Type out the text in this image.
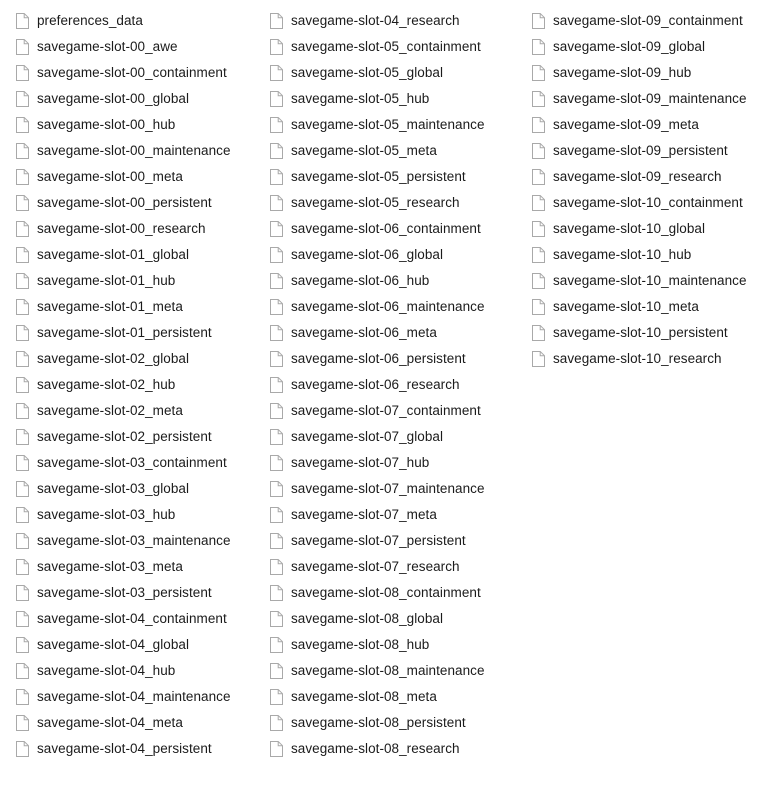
preferences_data
savegame-slot-00_awe
savegame-slot-00_containment
savegame-slot-00_global
savegame-slot-00_hub
savegame-slot-00_maintenance
savegame-slot-00_meta
savegame-slot-00_persistent
savegame-slot-00_research
savegame-slot-01_global
savegame-slot-01_hub
savegame-slot-01_meta
savegame-slot-01_persistent
savegame-slot-02_global
savegame-slot-02_hub
savegame-slot-02_meta
savegame-slot-02_persistent
savegame-slot-03_containment
savegame-slot-03_global
savegame-slot-03_hub
savegame-slot-03_maintenance
savegame-slot-03_meta
savegame-slot-03_persistent
savegame-slot-04_containment
savegame-slot-04_global
savegame-slot-04_hub
savegame-slot-04_maintenance
savegame-slot-04_meta
savegame-slot-04_persistent
savegame-slot-04_research
savegame-slot-05_containment
savegame-slot-05_global
savegame-slot-05_hub
savegame-slot-05_maintenance
savegame-slot-05_meta
savegame-slot-05_persistent
savegame-slot-05_research
savegame-slot-06_containment
savegame-slot-06_global
savegame-slot-06_hub
savegame-slot-06_maintenance
savegame-slot-06_meta
savegame-slot-06_persistent
savegame-slot-06_research
savegame-slot-07_containment
savegame-slot-07_global
savegame-slot-07_hub
savegame-slot-07_maintenance
savegame-slot-07_meta
savegame-slot-07_persistent
savegame-slot-07_research
savegame-slot-08_containment
savegame-slot-08_global
savegame-slot-08_hub
savegame-slot-08_maintenance
savegame-slot-08_meta
savegame-slot-08_persistent
savegame-slot-08_research
savegame-slot-09_containment
savegame-slot-09_global
savegame-slot-09_hub
savegame-slot-09_maintenance
savegame-slot-09_meta
savegame-slot-09_persistent
savegame-slot-09_research
savegame-slot-10_containment
savegame-slot-10_global
savegame-slot-10_hub
savegame-slot-10_maintenance
savegame-slot-10_meta
savegame-slot-10_persistent
savegame-slot-10_research
